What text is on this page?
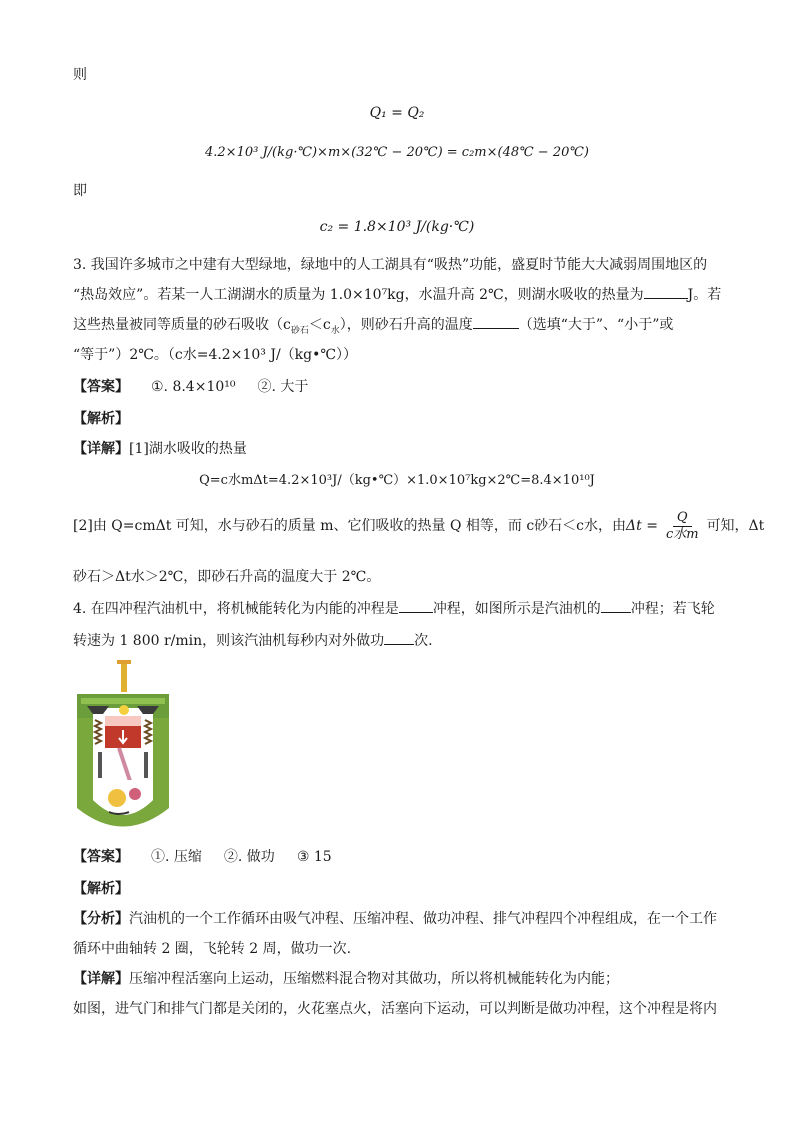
则
Q₁ = Q₂
4.2×10³ J/(kg·℃)×m×(32℃ − 20℃) = c₂m×(48℃ − 20℃)
即
c₂ = 1.8×10³ J/(kg·℃)
3. 我国许多城市之中建有大型绿地，绿地中的人工湖具有“吸热”功能，盛夏时节能大大减弱周围地区的
“热岛效应”。若某一人工湖湖水的质量为 1.0×10⁷kg，水温升高 2℃，则湖水吸收的热量为	J。若
这些热量被同等质量的砂石吸收$(c_{砂石}<c_水)$，则砂石升高的温度	（选填“大于”、“小于”或
“等于”）2℃。（c水=4.2×10³ J/（kg•℃））
【答案】 ①. 8.4×10¹⁰ ②. 大于
【解析】
【详解】[1]湖水吸收的热量
Q=c水mΔt=4.2×10³J/（kg•℃）×1.0×10⁷kg×2℃=8.4×10¹⁰J
[2]由 Q=cmΔt 可知，水与砂石的质量 m、它们吸收的热量 Q 相等，而 c砂石＜c水，由$\Delta t = \frac{Q}{\text{c水m}}$ 可知，Δt
砂石＞Δt水＞2℃，即砂石升高的温度大于 2℃。
4. 在四冲程汽油机中，将机械能转化为内能的冲程是 冲程，如图所示是汽油机的 冲程；若飞轮
转速为 1 800 r/min，则该汽油机每秒内对外做功 次.
【答案】 ①. 压缩 ②. 做功 ③ 15
【解析】
【分析】汽油机的一个工作循环由吸气冲程、压缩冲程、做功冲程、排气冲程四个冲程组成，在一个工作
循环中曲轴转 2 圈，飞轮转 2 周，做功一次.
【详解】压缩冲程活塞向上运动，压缩燃料混合物对其做功，所以将机械能转化为内能；
如图，进气门和排气门都是关闭的，火花塞点火，活塞向下运动，可以判断是做功冲程，这个冲程是将内
